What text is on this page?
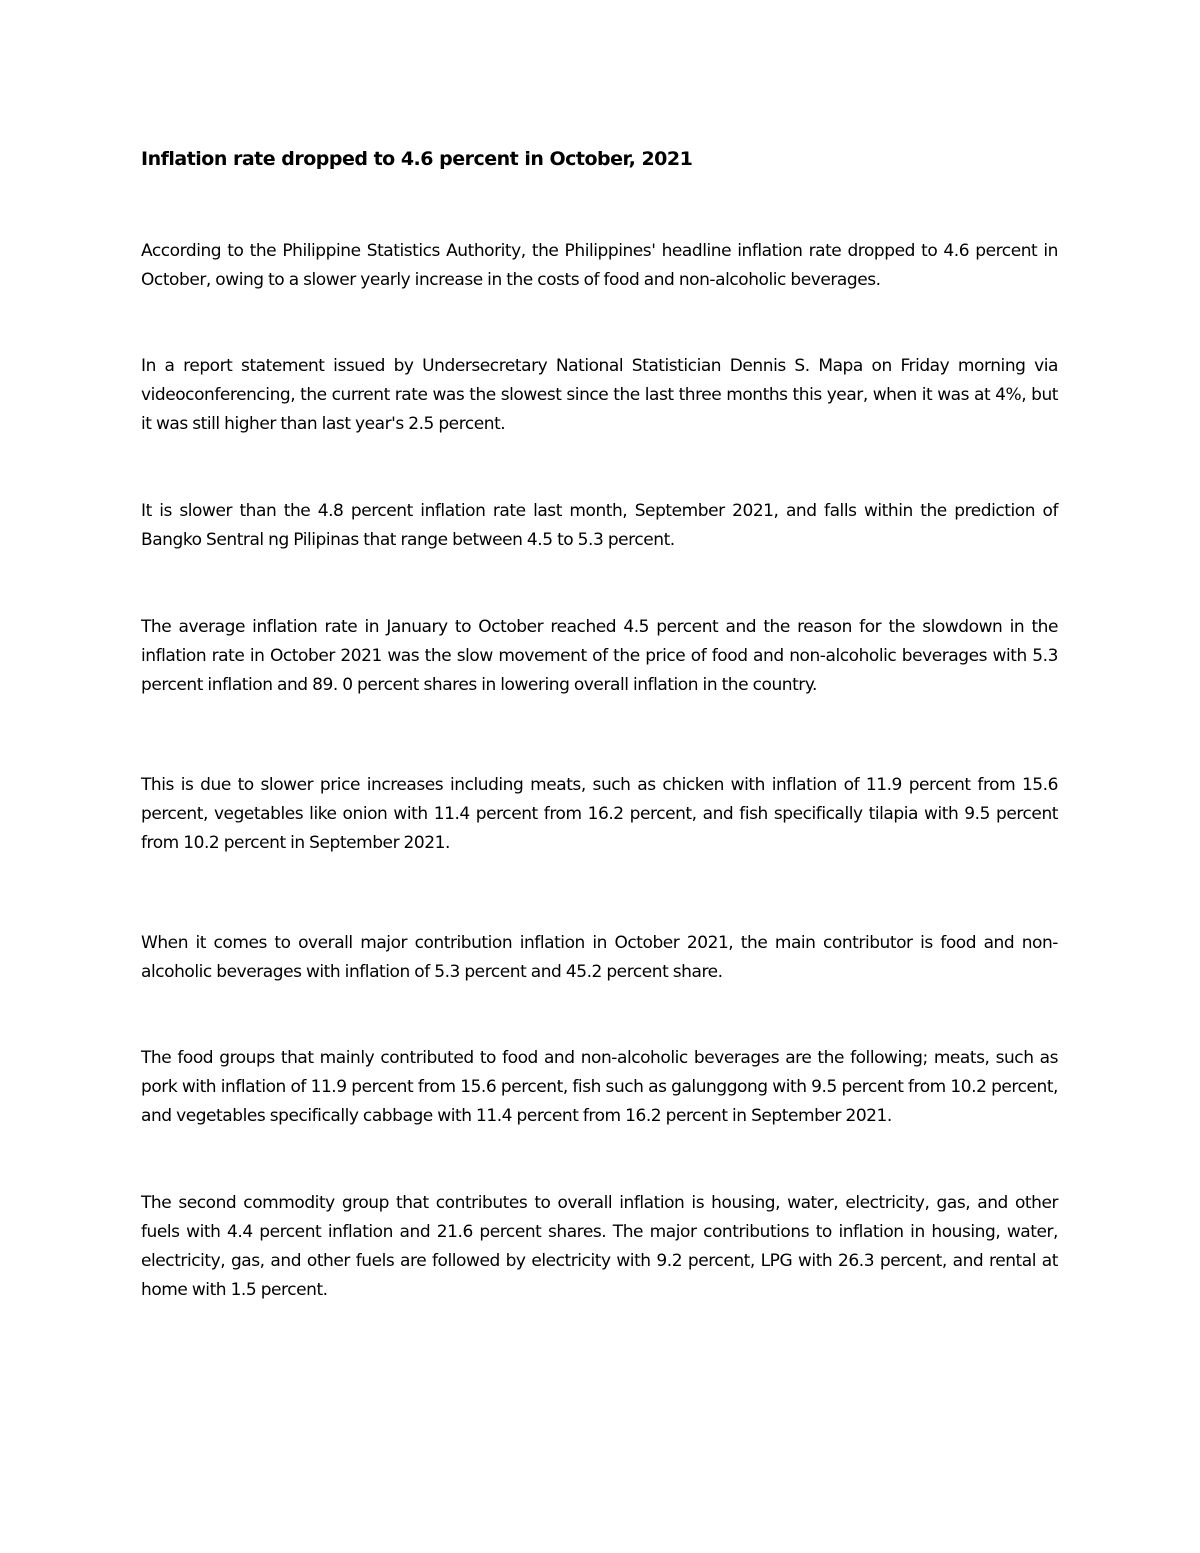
Inflation rate dropped to 4.6 percent in October, 2021

According to the Philippine Statistics Authority, the Philippines' headline inflation rate dropped to 4.6 percent in October, owing to a slower yearly increase in the costs of food and non-alcoholic beverages.

In a report statement issued by Undersecretary National Statistician Dennis S. Mapa on Friday morning via videoconferencing, the current rate was the slowest since the last three months this year, when it was at 4%, but it was still higher than last year's 2.5 percent.

It is slower than the 4.8 percent inflation rate last month, September 2021, and falls within the prediction of Bangko Sentral ng Pilipinas that range between 4.5 to 5.3 percent.

The average inflation rate in January to October reached 4.5 percent and the reason for the slowdown in the inflation rate in October 2021 was the slow movement of the price of food and non-alcoholic beverages with 5.3 percent inflation and 89. 0 percent shares in lowering overall inflation in the country.

This is due to slower price increases including meats, such as chicken with inflation of 11.9 percent from 15.6 percent, vegetables like onion with 11.4 percent from 16.2 percent, and fish specifically tilapia with 9.5 percent from 10.2 percent in September 2021.

When it comes to overall major contribution inflation in October 2021, the main contributor is food and non-alcoholic beverages with inflation of 5.3 percent and 45.2 percent share.

The food groups that mainly contributed to food and non-alcoholic beverages are the following; meats, such as pork with inflation of 11.9 percent from 15.6 percent, fish such as galunggong with 9.5 percent from 10.2 percent, and vegetables specifically cabbage with 11.4 percent from 16.2 percent in September 2021.

The second commodity group that contributes to overall inflation is housing, water, electricity, gas, and other fuels with 4.4 percent inflation and 21.6 percent shares. The major contributions to inflation in housing, water, electricity, gas, and other fuels are followed by electricity with 9.2 percent, LPG with 26.3 percent, and rental at home with 1.5 percent.
